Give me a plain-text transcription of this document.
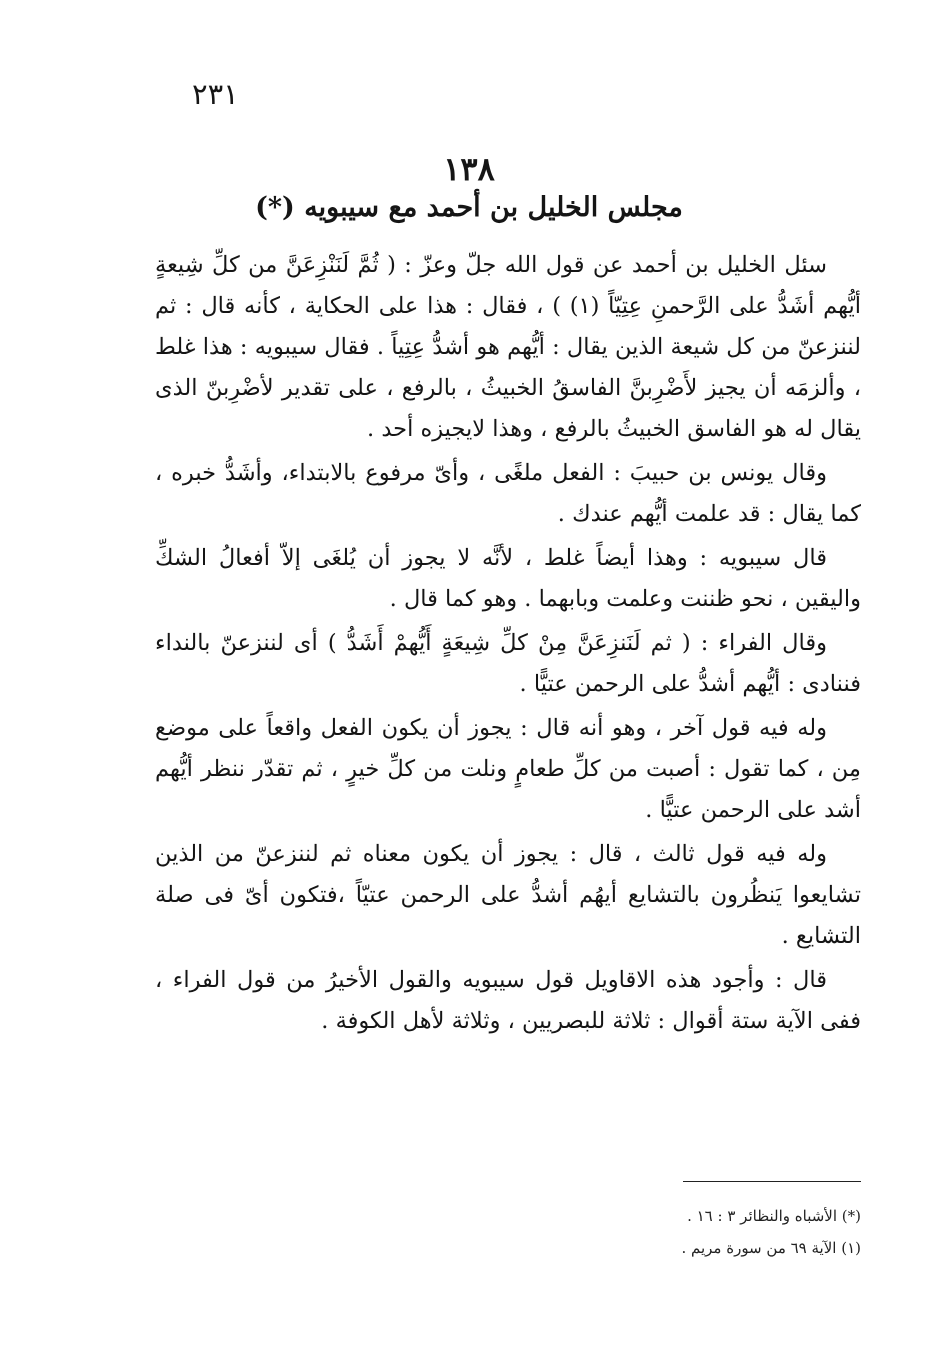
٢٣١
١٣٨
مجلس الخليل بن أحمد مع سيبويه (*)

سئل الخليل بن أحمد عن قول الله جلّ وعزّ : ( ثُمَّ لَنَنْزِعَنَّ من كلِّ شِيعةٍ أيُّهم أشَدُّ على الرَّحمنِ عِتِيّاً (١) ) ، فقال : هذا على الحكاية ، كأنه قال : ثم لننزعنّ من كل شيعة الذين يقال : أيُّهم هو أشدُّ عِتِياً . فقال سيبويه : هذا غلط ، وألزمَه أن يجيز لأَضْرِبنَّ الفاسقُ الخبيثُ ، بالرفع ، على تقدير لأضْرِبنّ الذى يقال له هو الفاسق الخبيثُ بالرفع ، وهذا لايجيزه أحد .

وقال يونس بن حبيبَ : الفعل ملغًى ، وأىّ مرفوع بالابتداء، وأشَدُّ خبره ، كما يقال : قد علمت أيُّهم عندك .

قال سيبويه : وهذا أيضاً غلط ، لأنَّه لا يجوز أن يُلغَى إلاّ أفعالُ الشكِّ واليقين ، نحو ظننت وعلمت وبابهما . وهو كما قال .

وقال الفراء : ( ثم لَنَنزِعَنَّ مِنْ كلِّ شِيعَةٍ أَيُّهمْ أَشَدُّ ) أى لننزعنّ بالنداء فننادى : أيُّهم أشدُّ على الرحمن عتيًّا .

وله فيه قول آخر ، وهو أنه قال : يجوز أن يكون الفعل واقعاً على موضع مِن ، كما تقول : أصبت من كلِّ طعامٍ ونلت من كلِّ خيرٍ ، ثم تقدّر ننظر أيُّهم أشد على الرحمن عتيًّا .

وله فيه قول ثالث ، قال : يجوز أن يكون معناه ثم لننزعنّ من الذين تشايعوا يَنظُرون بالتشايع أيهُم أشدُّ على الرحمن عتيّاً ،فتكون أىّ فى صلة التشايع .

قال : وأجود هذه الاقاويل قول سيبويه والقول الأخيرُ من قول الفراء ، ففى الآية ستة أقوال : ثلاثة للبصريين ، وثلاثة لأهل الكوفة .

(*) الأشباه والنظائر ٣ : ١٦ .
(١) الآية ٦٩ من سورة مريم .
